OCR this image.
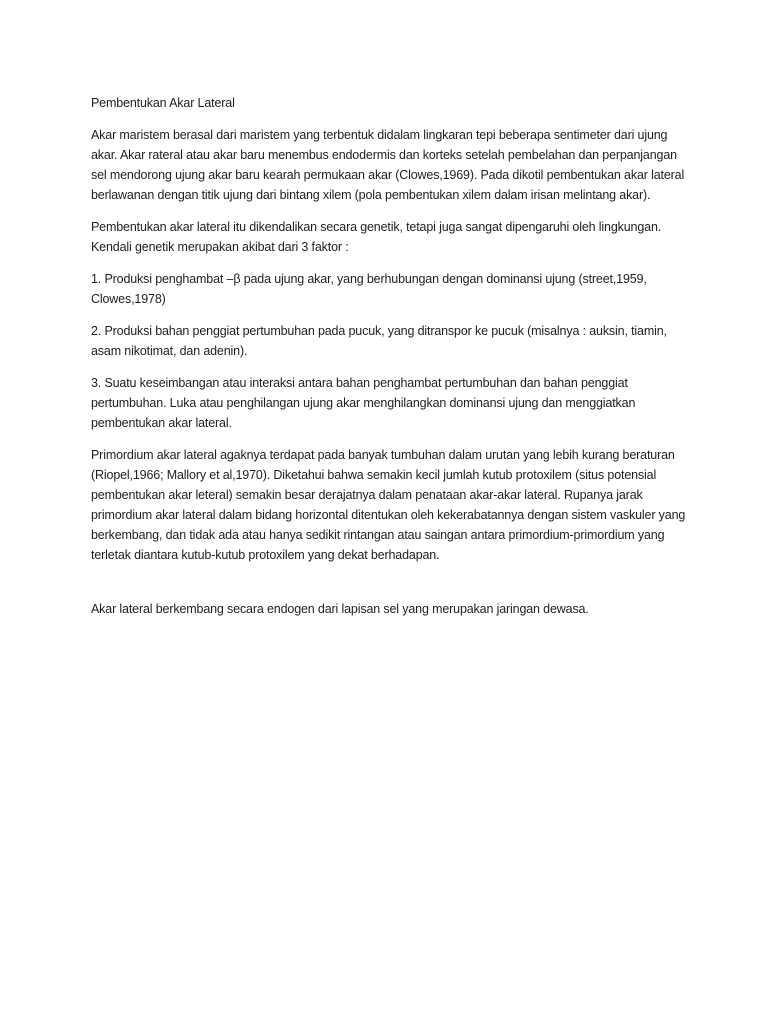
Pembentukan Akar Lateral

Akar maristem berasal dari maristem yang terbentuk didalam lingkaran tepi beberapa sentimeter dari ujung akar. Akar rateral atau akar baru menembus endodermis dan korteks setelah pembelahan dan perpanjangan sel mendorong ujung akar baru kearah permukaan akar (Clowes,1969). Pada dikotil pembentukan akar lateral berlawanan dengan titik ujung dari bintang xilem (pola pembentukan xilem dalam irisan melintang akar).

Pembentukan akar lateral itu dikendalikan secara genetik, tetapi juga sangat dipengaruhi oleh lingkungan. Kendali genetik merupakan akibat dari 3 faktor :

1. Produksi penghambat –β pada ujung akar, yang berhubungan dengan dominansi ujung (street,1959, Clowes,1978)

2. Produksi bahan penggiat pertumbuhan pada pucuk, yang ditranspor ke pucuk (misalnya : auksin, tiamin, asam nikotimat, dan adenin).

3. Suatu keseimbangan atau interaksi antara bahan penghambat pertumbuhan dan bahan penggiat pertumbuhan. Luka atau penghilangan ujung akar menghilangkan dominansi ujung dan menggiatkan pembentukan akar lateral.

Primordium akar lateral agaknya terdapat pada banyak tumbuhan dalam urutan yang lebih kurang beraturan (Riopel,1966; Mallory et al,1970). Diketahui bahwa semakin kecil jumlah kutub protoxilem (situs potensial pembentukan akar leteral) semakin besar derajatnya dalam penataan akar-akar lateral. Rupanya jarak primordium akar lateral dalam bidang horizontal ditentukan oleh kekerabatannya dengan sistem vaskuler yang berkembang, dan tidak ada atau hanya sedikit rintangan atau saingan antara primordium-primordium yang terletak diantara kutub-kutub protoxilem yang dekat berhadapan.

Akar lateral berkembang secara endogen dari lapisan sel yang merupakan jaringan dewasa.
